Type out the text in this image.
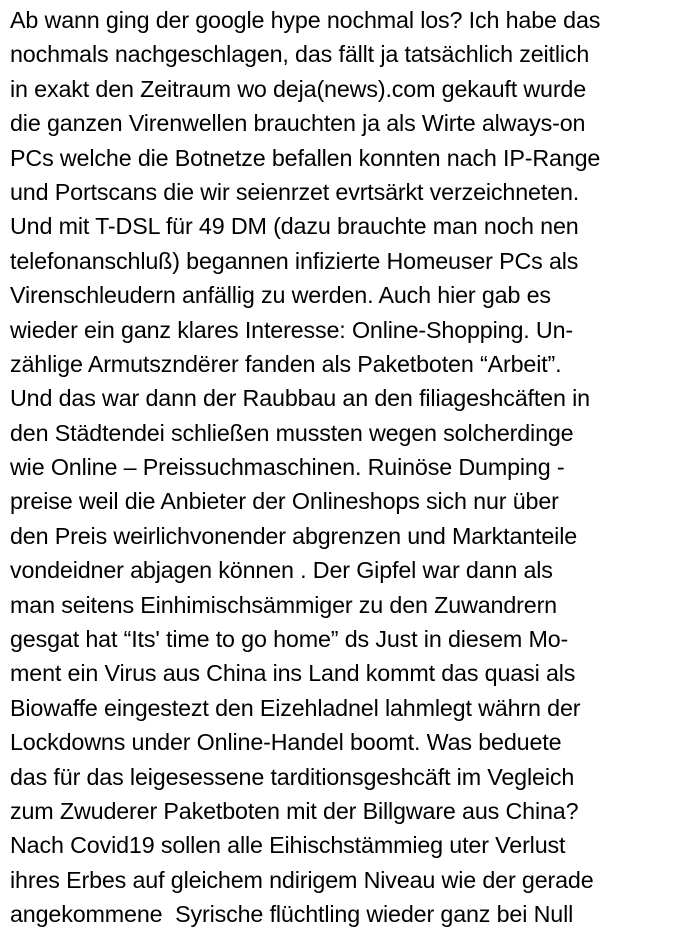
Ab wann ging der google hype nochmal los? Ich habe das
nochmals nachgeschlagen, das fällt ja tatsächlich zeitlich
in exakt den Zeitraum wo deja(news).com gekauft wurde
die ganzen Virenwellen brauchten ja als Wirte always-on
PCs welche die Botnetze befallen konnten nach IP-Range
und Portscans die wir seienrzet evrtsärkt verzeichneten.
Und mit T-DSL für 49 DM (dazu brauchte man noch nen
telefonanschluß) begannen infizierte Homeuser PCs als
Virenschleudern anfällig zu werden. Auch hier gab es
wieder ein ganz klares Interesse: Online-Shopping. Un-
zählige Armutszndërer fanden als Paketboten “Arbeit”.
Und das war dann der Raubbau an den filiageshcäften in
den Städtendei schließen mussten wegen solcherdinge
wie Online – Preissuchmaschinen. Ruinöse Dumping -
preise weil die Anbieter der Onlineshops sich nur über
den Preis weirlichvonender abgrenzen und Marktanteile
vondeidner abjagen können . Der Gipfel war dann als
man seitens Einhimischsämmiger zu den Zuwandrern
gesgat hat “Its' time to go home” ds Just in diesem Mo-
ment ein Virus aus China ins Land kommt das quasi als
Biowaffe eingestezt den Eizehladnel lahmlegt währn der
Lockdowns under Online-Handel boomt. Was beduete
das für das leigesessene tarditionsgeshcäft im Vegleich
zum Zwuderer Paketboten mit der Billgware aus China?
Nach Covid19 sollen alle Eihischstämmieg uter Verlust
ihres Erbes auf gleichem ndirigem Niveau wie der gerade
angekommene  Syrische flüchtling wieder ganz bei Null
